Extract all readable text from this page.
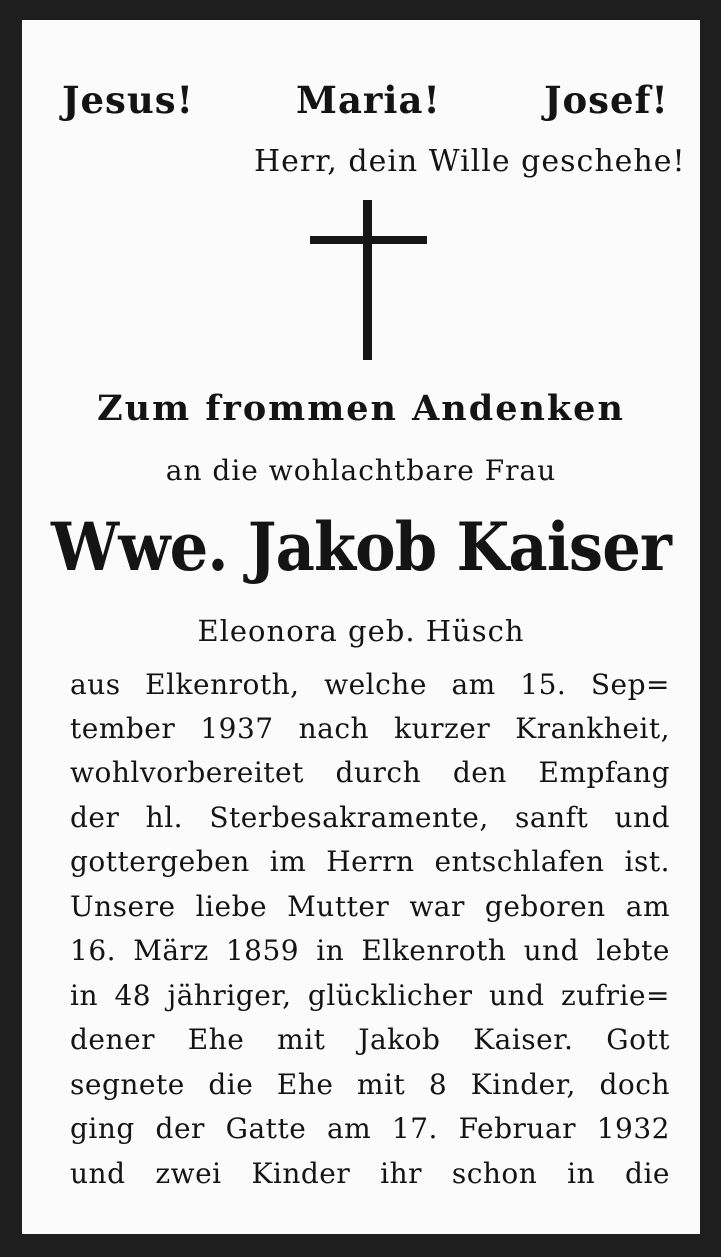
Jesus!	Maria!	Josef!
Herr, dein Wille geschehe!
Zum frommen Andenken
an die wohlachtbare Frau
Wwe. Jakob Kaiser
Eleonora geb. Hüsch
aus Elkenroth, welche am 15. Sep=
tember 1937 nach kurzer Krankheit,
wohlvorbereitet durch den Empfang
der hl. Sterbesakramente, sanft und
gottergeben im Herrn entschlafen ist.
Unsere liebe Mutter war geboren am
16. März 1859 in Elkenroth und lebte
in 48 jähriger, glücklicher und zufrie=
dener Ehe mit Jakob Kaiser. Gott
segnete die Ehe mit 8 Kinder, doch
ging der Gatte am 17. Februar 1932
und zwei Kinder ihr schon in die
